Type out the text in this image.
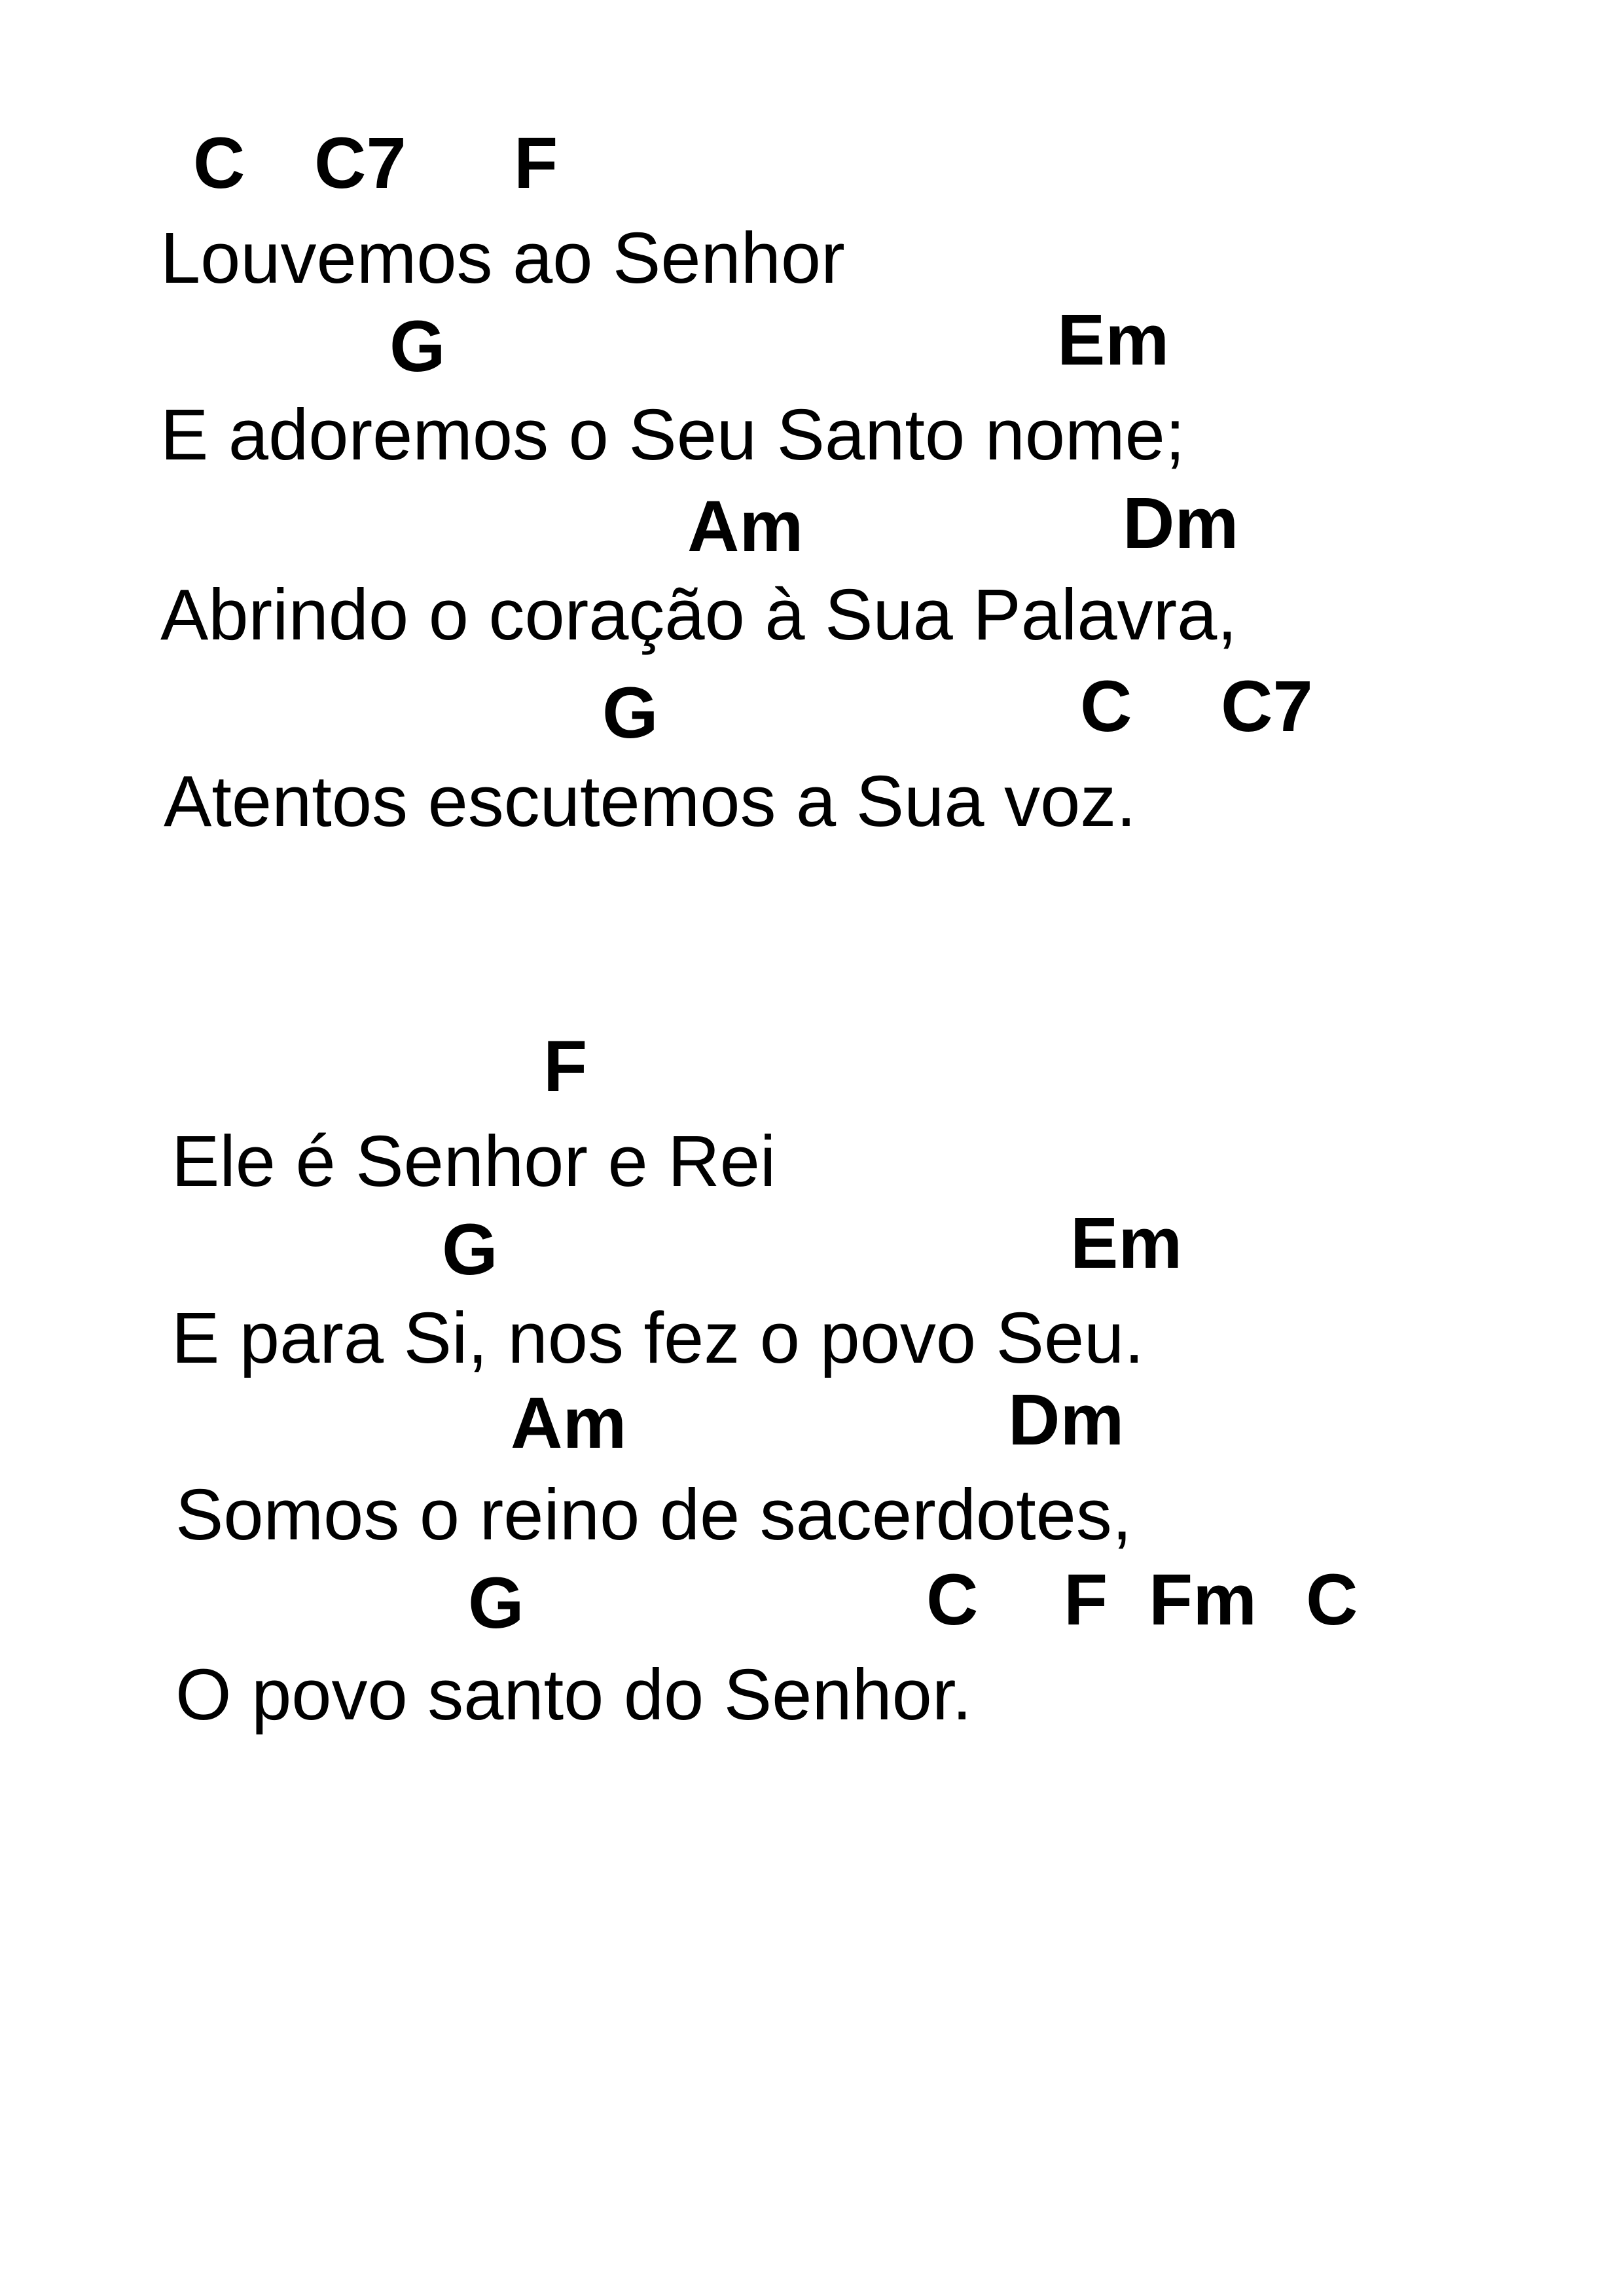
C C7 F
Louvemos ao Senhor
G	Em
E adoremos o Seu Santo nome;
Am	Dm
Abrindo o coração à Sua Palavra,
G	C C7
Atentos escutemos a Sua voz.
F
Ele é Senhor e Rei
G	Em
E para Si, nos fez o povo Seu.
Am	Dm
Somos o reino de sacerdotes,
G	C F Fm C
O povo santo do Senhor.
